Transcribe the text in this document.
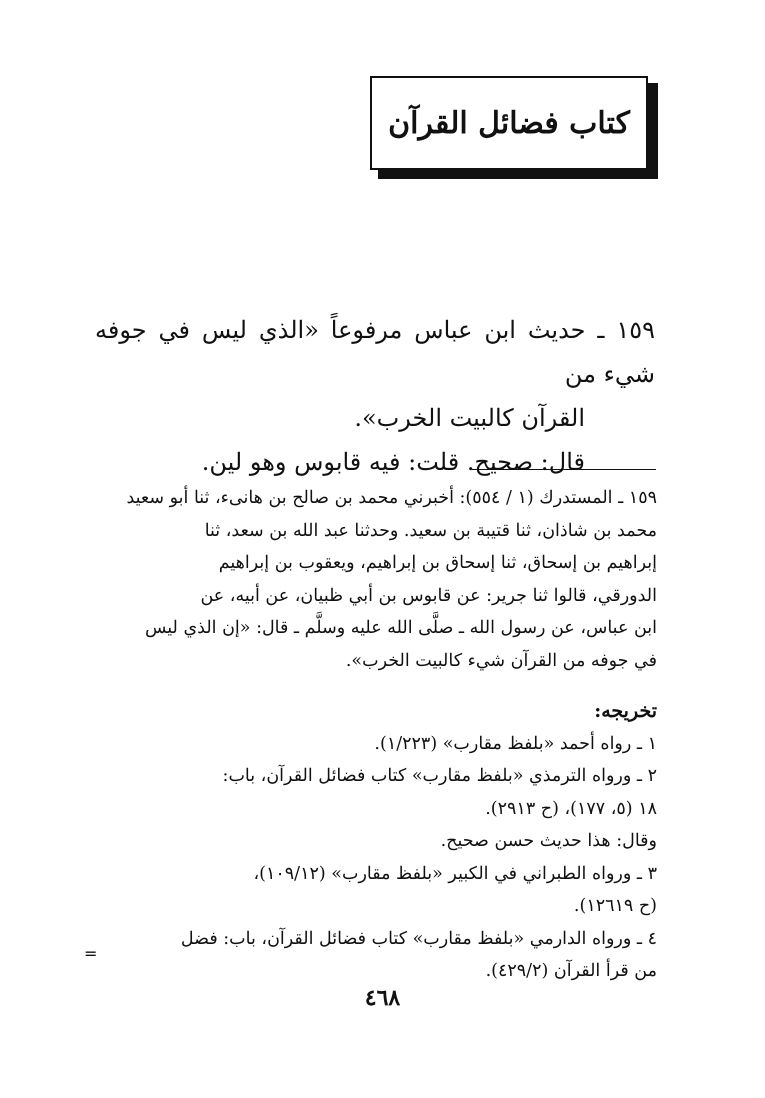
كتاب فضائل القرآن

١٥٩ ـ حديث ابن عباس مرفوعاً «الذي ليس في جوفه شيء من

القرآن كالبيت الخرب».

قال: صحيح. قلت: فيه قابوس وهو لين.

١٥٩ ـ المستدرك (١ / ٥٥٤): أخبرني محمد بن صالح بن هانىء، ثنا أبو سعيد

محمد بن شاذان، ثنا قتيبة بن سعيد. وحدثنا عبد الله بن سعد، ثنا

إبراهيم بن إسحاق، ثنا إسحاق بن إبراهيم، ويعقوب بن إبراهيم

الدورقي، قالوا ثنا جرير: عن قابوس بن أبي ظبيان، عن أبيه، عن

ابن عباس، عن رسول الله ـ صلَّى الله عليه وسلَّم ـ قال: «إن الذي ليس

في جوفه من القرآن شيء كالبيت الخرب».

تخريجه:

١ ـ رواه أحمد «بلفظ مقارب» (١/٢٢٣).

٢ ـ ورواه الترمذي «بلفظ مقارب» كتاب فضائل القرآن، باب:

١٨ (٥، ١٧٧)، (ح ٢٩١٣).

وقال: هذا حديث حسن صحيح.

٣ ـ ورواه الطبراني في الكبير «بلفظ مقارب» (١٠٩/١٢)،

(ح ١٢٦١٩).

٤ ـ ورواه الدارمي «بلفظ مقارب» كتاب فضائل القرآن، باب: فضل

من قرأ القرآن (٤٢٩/٢).

=
٤٦٨
